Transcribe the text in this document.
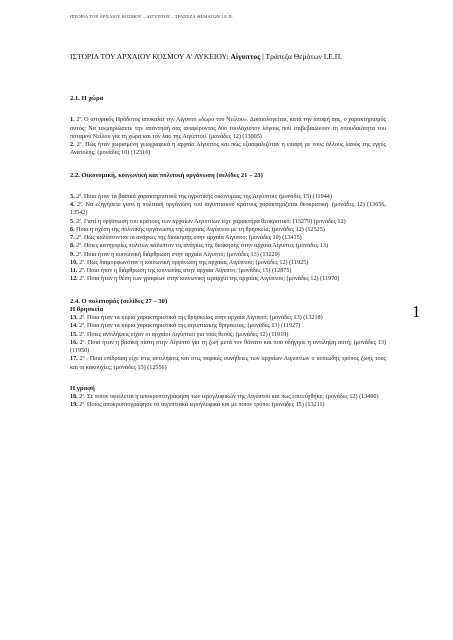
ΙΣΤΟΡΙΑ ΤΟΥ ΑΡΧΑΙΟΥ ΚΟΣΜΟΥ – ΑΙΓΥΠΤΟΣ – ΤΡΑΠΕΖΑ ΘΕΜΑΤΩΝ Ι.Ε.Π.
ΙΣΤΟΡΙΑ ΤΟΥ ΑΡΧΑΙΟΥ ΚΟΣΜΟΥ Α' ΛΥΚΕΙΟΥ: Αίγυπτος | Τράπεζα Θεμάτων Ι.Ε.Π.
1

2.1. Η χώρα

1. 2ª. Ο ιστορικός Ηρόδοτος αποκαλεί την Αίγυπτο «δώρο του Νείλου». Δικαιολογείται, κατά την άποψή σας, ο χαρακτηρισμός αυτός; Να τεκμηριώσετε την απάντησή σας αναφέροντας δύο τουλάχιστον λόγους που επιβεβαιώνουν τη σπουδαιότητα του ποταμού Νείλου για τη χώρα και τον λαό της Αιγύπτου. (μονάδες 12) (13005)

2. 2ª. Πώς ήταν χωρισμένη γεωγραφικά η αρχαία Αίγυπτος και πώς εξασφαλιζόταν η επαφή με τους άλλους λαούς της εγγύς Ανατολής; (μονάδες 10) (12316)

2.2. Οικονομική, κοινωνική και πολιτική οργάνωση (σελίδες 21 – 23)

3. 2ª. Ποια ήταν τα βασικά χαρακτηριστικά της αγροτικής οικονομίας της Αιγύπτου; (μονάδες 15) (11944)

4. 2ª. Να εξηγήσετε γιατί η πολιτική οργάνωση του αιγυπτιακού κράτους χαρακτηρίζεται θεοκρατική. (μονάδες 12) (13656, 13542)

5. 2ª. Γιατί η οργάνωση του κράτους των αρχαίων Αιγυπτίων είχε χαρακτήρα θεοκρατικό; (13279) (μονάδες 12)

6. Ποια η σχέση της πολιτικής οργάνωσης της αρχαίας Αιγύπτου με τη θρησκεία; (μονάδες 12) (12525)

7. 2ª. Πώς καλύπτονταν οι ανάγκες της διοίκησης στην αρχαία Αίγυπτο; (μονάδες 10) (13415)

8. 2ª. Ποιες κατηγορίες πολιτών κάλυπταν τις ανάγκες της διοίκησης στην αρχαία Αίγυπτο; (μονάδες 13)

9. 2ª. Ποια ήταν η κοινωνική διάρθρωση στην αρχαία Αίγυπτο; (μονάδες 13) (13229)

10. 2ª. Πως διαμορφωνόταν η κοινωνική οργάνωση της αρχαίας Αιγύπτου; (μονάδες 12) (11925)

11. 2ª. Ποια ήταν η διάρθρωση της κοινωνίας στην αρχαία Αίγυπτο; (μονάδες 15) (12875)

12. 2ª. Ποια ήταν η θέση των γραφέων στην κοινωνική ιεραρχία της αρχαίας Αιγύπτου; (μονάδες 12) (11970)

2.4. Ο πολιτισμός (σελίδες 27 – 30)

Η θρησκεία

13. 2ª. Ποια ήταν τα κύρια χαρακτηριστικά της θρησκείας στην αρχαία Αίγυπτο; (μονάδες 13) (13218)

14. 2ª. Ποια ήταν τα κύρια χαρακτηριστικά της αιγυπτιακής θρησκείας; (μονάδες 13) (11927)

15. 2ª. Ποιες αντιλήψεις είχαν οι αρχαίοι Αιγύπτιοι για τους θεούς; (μονάδες 12) (11919)

16. 2ª. Ποια ήταν η βασική πίστη στην Αίγυπτο για τη ζωή μετά τον θάνατο και που οδήγησε η αντίληψη αυτή; (μονάδες 13) (11950)

17. 2ª . Ποια επίδραση είχε στις αντιλήψεις και στις ταφικές συνήθειες των αρχαίων Αιγυπτίων ο κοπιώδης τρόπος ζωής τους και οι κακουχίες; (μονάδες 13) (12556)

Η γραφή

18. 2ª. Σε ποιον οφείλεται η αποκρυπτογράφηση των ιερογλυφικών της Αιγύπτου και πως επιτεύχθηκε; (μονάδες 12) (13490)

19. 2ª. Ποιος αποκρυπτογράφησε τα αιγυπτιακά ιερογλυφικά και με ποιον τρόπο; (μονάδες 15) (13211)
